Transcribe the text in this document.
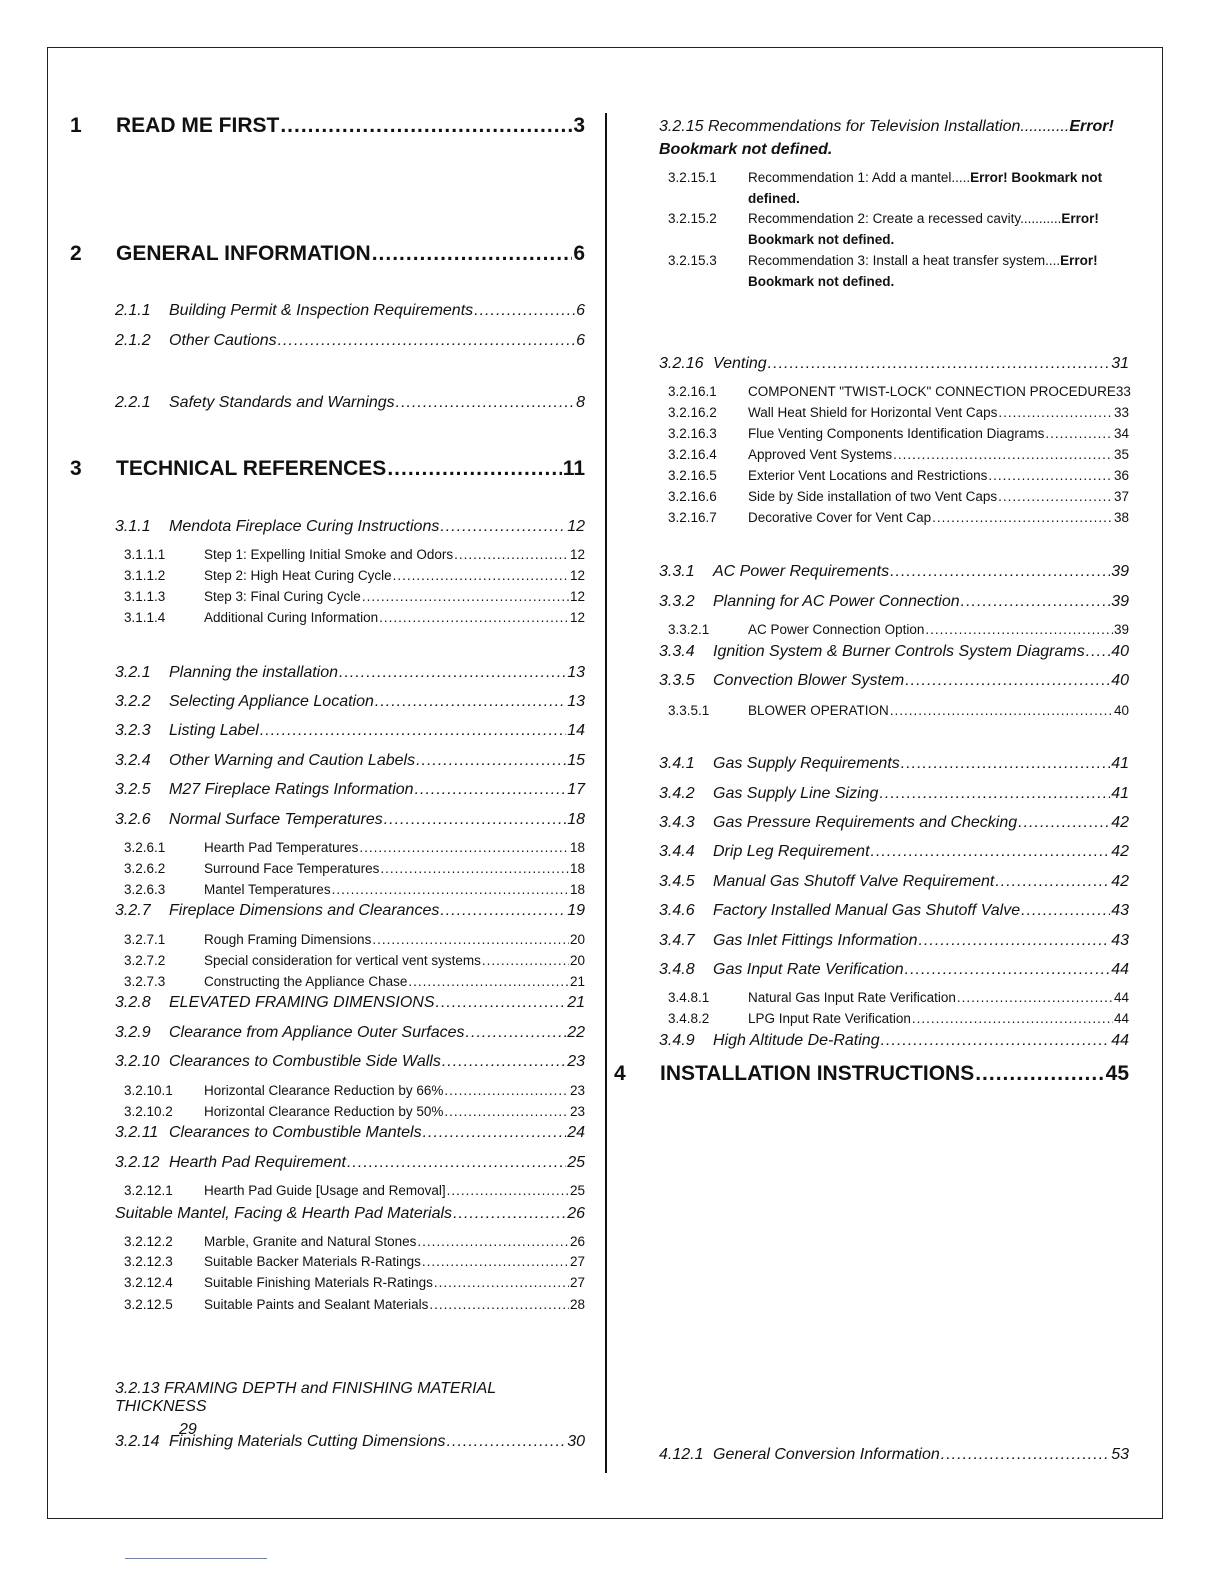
1	READ ME FIRST .....	3
2	GENERAL INFORMATION .....	6
2.1.1	Building Permit & Inspection Requirements .....	6
2.1.2	Other Cautions .....	6
2.2.1	Safety Standards and Warnings .....	8
3	TECHNICAL REFERENCES .....	11
3.1.1	Mendota Fireplace Curing Instructions .....	12
3.1.1.1	Step 1: Expelling Initial Smoke and Odors .....	12
3.1.1.2	Step 2: High Heat Curing Cycle .....	12
3.1.1.3	Step 3: Final Curing Cycle .....	12
3.1.1.4	Additional Curing Information .....	12
3.2.1	Planning the installation .....	13
3.2.2	Selecting Appliance Location .....	13
3.2.3	Listing Label .....	14
3.2.4	Other Warning and Caution Labels .....	15
3.2.5	M27 Fireplace Ratings Information .....	17
3.2.6	Normal Surface Temperatures .....	18
3.2.6.1	Hearth Pad Temperatures .....	18
3.2.6.2	Surround Face Temperatures .....	18
3.2.6.3	Mantel Temperatures .....	18
3.2.7	Fireplace Dimensions and Clearances .....	19
3.2.7.1	Rough Framing Dimensions .....	20
3.2.7.2	Special consideration for vertical vent systems .....	20
3.2.7.3	Constructing the Appliance Chase .....	21
3.2.8	ELEVATED FRAMING DIMENSIONS .....	21
3.2.9	Clearance from Appliance Outer Surfaces .....	22
3.2.10 Clearances to Combustible Side Walls .....	23
3.2.10.1	Horizontal Clearance Reduction by 66% .....	23
3.2.10.2	Horizontal Clearance Reduction by 50% .....	23
3.2.11 Clearances to Combustible Mantels .....	24
3.2.12 Hearth Pad Requirement .....	25
3.2.12.1	Hearth Pad Guide [Usage and Removal] .....	25
Suitable Mantel, Facing & Hearth Pad Materials .....	26
3.2.12.2	Marble, Granite and Natural Stones .....	26
3.2.12.3	Suitable Backer Materials R-Ratings .....	27
3.2.12.4	Suitable Finishing Materials R-Ratings .....	27
3.2.12.5	Suitable Paints and Sealant Materials .....	28
3.2.13 FRAMING DEPTH and FINISHING MATERIAL THICKNESS
29
3.2.14 Finishing Materials Cutting Dimensions .....	30
3.2.15 Recommendations for Television Installation...........Error! Bookmark not defined.
3.2.15.1 Recommendation 1: Add a mantel.....Error! Bookmark not
defined.
3.2.15.2 Recommendation 2: Create a recessed cavity...........Error!
Bookmark not defined.
3.2.15.3 Recommendation 3: Install a heat transfer system....Error!
Bookmark not defined.
3.2.16 Venting .....	31
3.2.16.1	COMPONENT "TWIST-LOCK" CONNECTION PROCEDURE 33
3.2.16.2	Wall Heat Shield for Horizontal Vent Caps .....	33
3.2.16.3	Flue Venting Components Identification Diagrams .....	34
3.2.16.4	Approved Vent Systems .....	35
3.2.16.5	Exterior Vent Locations and Restrictions .....	36
3.2.16.6	Side by Side installation of two Vent Caps .....	37
3.2.16.7	Decorative Cover for Vent Cap .....	38
3.3.1	AC Power Requirements .....	39
3.3.2	Planning for AC Power Connection .....	39
3.3.2.1	AC Power Connection Option .....	39
3.3.4	Ignition System & Burner Controls System Diagrams ..... 40
3.3.5	Convection Blower System .....	40
3.3.5.1	BLOWER OPERATION .....	40
3.4.1	Gas Supply Requirements .....	41
3.4.2	Gas Supply Line Sizing .....	41
3.4.3	Gas Pressure Requirements and Checking .....	42
3.4.4	Drip Leg Requirement .....	42
3.4.5	Manual Gas Shutoff Valve Requirement .....	42
3.4.6	Factory Installed Manual Gas Shutoff Valve .....	43
3.4.7	Gas Inlet Fittings Information .....	43
3.4.8	Gas Input Rate Verification .....	44
3.4.8.1	Natural Gas Input Rate Verification .....	44
3.4.8.2	LPG Input Rate Verification .....	44
3.4.9	High Altitude De-Rating .....	44
4	INSTALLATION INSTRUCTIONS .....	45
4.12.1 General Conversion Information .....	53
